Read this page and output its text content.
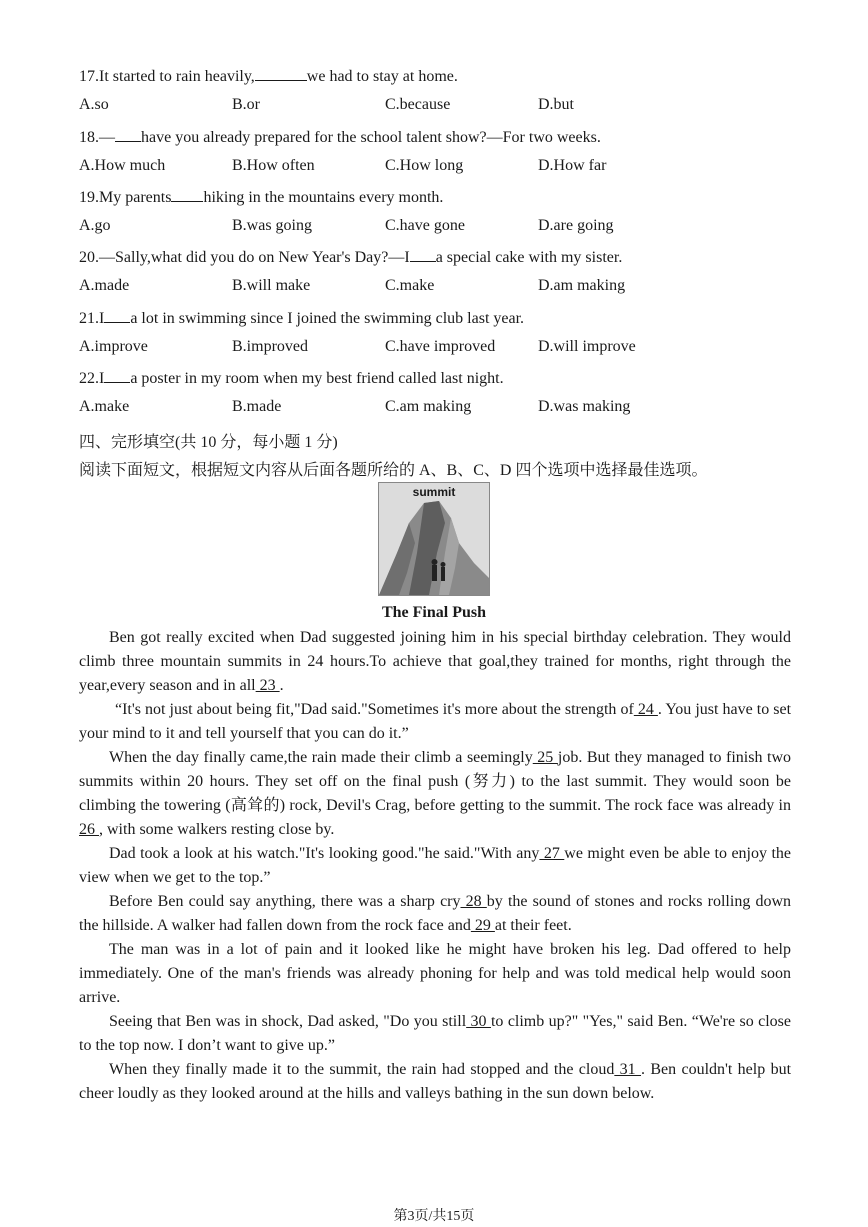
17.It started to rain heavily,	we had to stay at home.
A.so	B.or	C.because	D.but
18.— have you already prepared for the school talent show?—For two weeks.
A.How much	B.How often	C.How long	D.How far
19.My parents hiking in the mountains every month.
A.go	B.was going	C.have gone	D.are going
20.—Sally,what did you do on New Year's Day?—I a special cake with my sister.
A.made	B.will make	C.make	D.am making
21.I a lot in swimming since I joined the swimming club last year.
A.improve	B.improved	C.have improved	D.will improve
22.I a poster in my room when my best friend called last night.
A.make	B.made	C.am making	D.was making
四、完形填空(共 10 分，每小题 1 分)
阅读下面短文，根据短文内容从后面各题所给的 A、B、C、D 四个选项中选择最佳选项。
summit
The Final Push

Ben got really excited when Dad suggested joining him in his special birthday celebration. They would climb three mountain summits in 24 hours.To achieve that goal,they trained for months, right through the year,every season and in all 23 .

“It's not just about being fit,"Dad said."Sometimes it's more about the strength of 24 . You just have to set your mind to it and tell yourself that you can do it.”

When the day finally came,the rain made their climb a seemingly 25 job. But they managed to finish two summits within 20 hours. They set off on the final push (努力) to the last summit. They would soon be climbing the towering (高耸的) rock, Devil's Crag, before getting to the summit. The rock face was already in 26 , with some walkers resting close by.

Dad took a look at his watch."It's looking good."he said."With any 27 we might even be able to enjoy the view when we get to the top.”

Before Ben could say anything, there was a sharp cry 28 by the sound of stones and rocks rolling down the hillside. A walker had fallen down from the rock face and 29 at their feet.

The man was in a lot of pain and it looked like he might have broken his leg. Dad offered to help immediately. One of the man's friends was already phoning for help and was told medical help would soon arrive.

Seeing that Ben was in shock, Dad asked, "Do you still 30 to climb up?" "Yes," said Ben. “We're so close to the top now. I don’t want to give up.”

When they finally made it to the summit, the rain had stopped and the cloud 31 . Ben couldn't help but cheer loudly as they looked around at the hills and valleys bathing in the sun down below.

第3页/共15页
